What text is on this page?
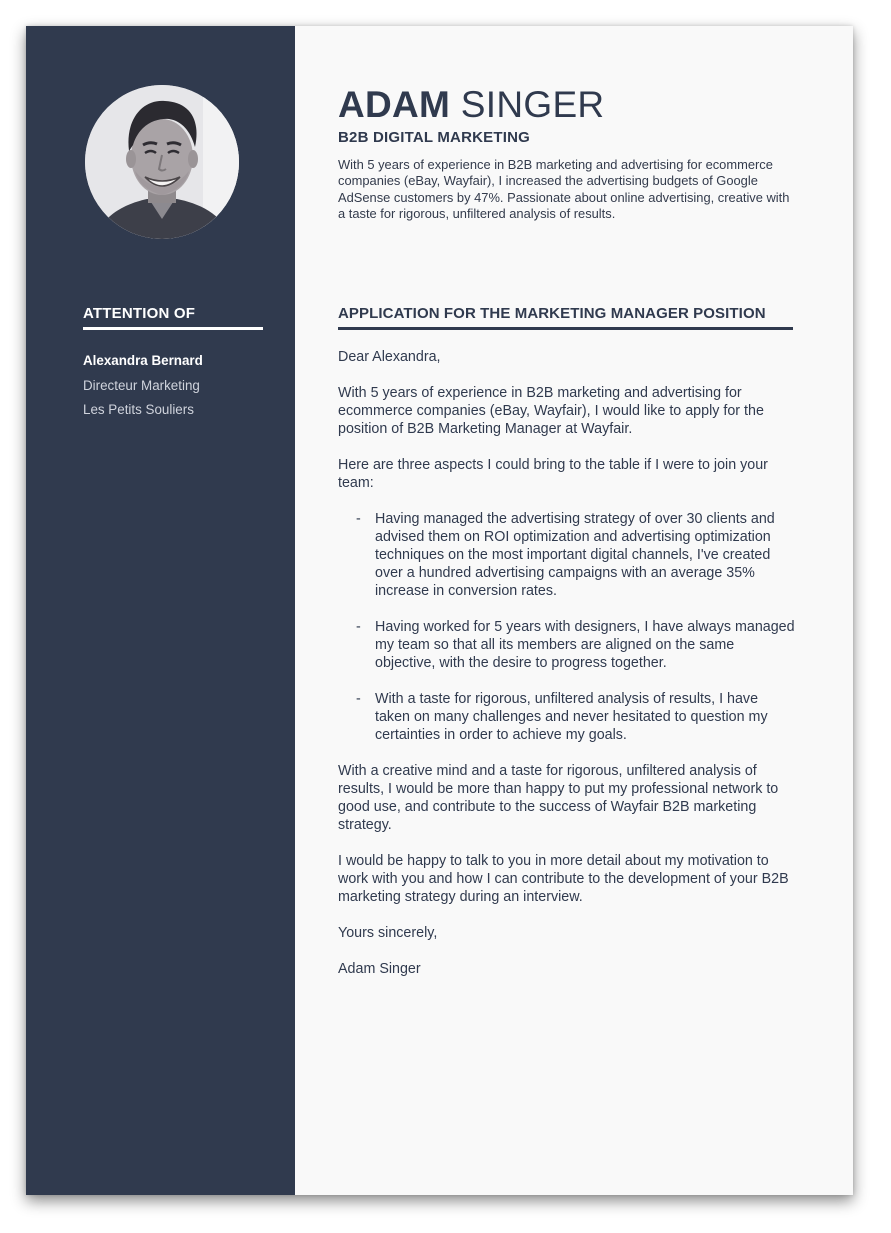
ATTENTION OF
Alexandra Bernard
Directeur Marketing
Les Petits Souliers
ADAM SINGER
B2B DIGITAL MARKETING
With 5 years of experience in B2B marketing and advertising for ecommerce companies (eBay, Wayfair), I increased the advertising budgets of Google AdSense customers by 47%. Passionate about online advertising, creative with a taste for rigorous, unfiltered analysis of results.
APPLICATION FOR THE MARKETING MANAGER POSITION

Dear Alexandra,

With 5 years of experience in B2B marketing and advertising for ecommerce companies (eBay, Wayfair), I would like to apply for the position of B2B Marketing Manager at Wayfair.

Here are three aspects I could bring to the table if I were to join your team:

- Having managed the advertising strategy of over 30 clients and advised them on ROI optimization and advertising optimization techniques on the most important digital channels, I've created over a hundred advertising campaigns with an average 35% increase in conversion rates.
- Having worked for 5 years with designers, I have always managed my team so that all its members are aligned on the same objective, with the desire to progress together.
- With a taste for rigorous, unfiltered analysis of results, I have taken on many challenges and never hesitated to question my certainties in order to achieve my goals.

With a creative mind and a taste for rigorous, unfiltered analysis of results, I would be more than happy to put my professional network to good use, and contribute to the success of Wayfair B2B marketing strategy.

I would be happy to talk to you in more detail about my motivation to work with you and how I can contribute to the development of your B2B marketing strategy during an interview.

Yours sincerely,

Adam Singer
